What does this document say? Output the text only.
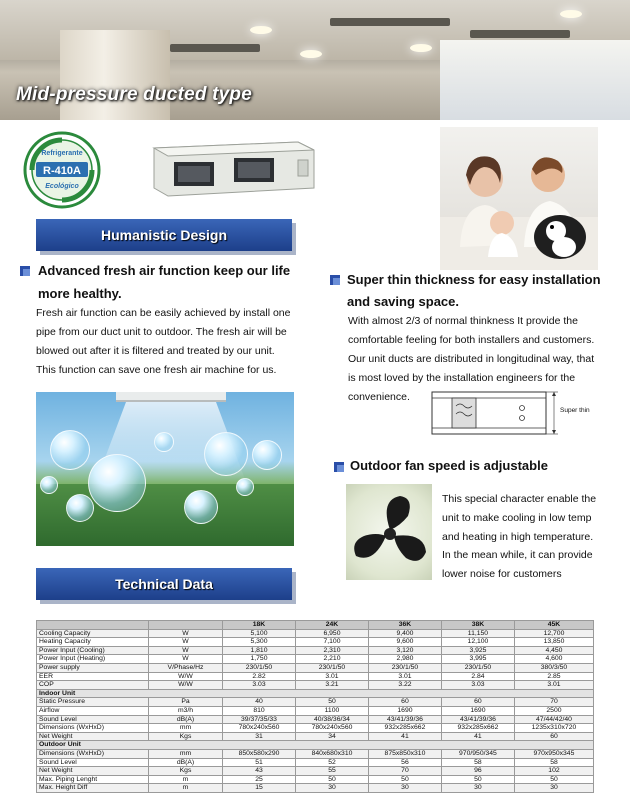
Mid-pressure ducted type
Refrigerante
R-410A
Ecológico
Humanistic Design
Advanced fresh air function keep our life
more healthy.
Fresh air function can be easily achieved by install one
pipe from our duct unit to outdoor. The fresh air will be
blowed out after it is filtered and treated by our unit.
This function can save one fresh air machine for us.
Super thin thickness for easy installation
and saving space.
With almost 2/3 of normal thinkness It provide the
comfortable feeling for both installers and customers.
Our unit ducts are distributed in longitudinal way, that
is most loved by the installation engineers for the
convenience.
Super thin
Outdoor fan speed is adjustable
This special character enable the
unit to make cooling in low temp
and heating in high temperature.
In the mean while, it can provide
lower noise for customers
Technical Data
		18K	24K	36K	38K	45K
Cooling Capacity	W	5,100	6,950	9,400	11,150	12,700
Heating Capacity	W	5,300	7,100	9,600	12,100	13,850
Power Input (Cooling)	W	1,810	2,310	3,120	3,925	4,450
Power Input (Heating)	W	1,750	2,210	2,980	3,995	4,600
Power supply	V/Phase/Hz	230/1/50	230/1/50	230/1/50	230/1/50	380/3/50
EER	W/W	2.82	3.01	3.01	2.84	2.85
COP	W/W	3.03	3.21	3.22	3.03	3.01
Indoor Unit						
Static Pressure	Pa	40	50	60	60	70
Airflow	m3/h	810	1100	1690	1690	2500
Sound Level	dB(A)	39/37/35/33	40/38/36/34	43/41/39/36	43/41/39/36	47/44/42/40
Dimensions (WxHxD)	mm	780x240x560	780x240x560	932x285x662	932x285x662	1235x310x720
Net Weight	Kgs	31	34	41	41	60
Outdoor Unit						
Dimensions (WxHxD)	mm	850x580x290	840x680x310	875x850x310	970/950/345	970x950x345
Sound Level	dB(A)	51	52	56	58	58
Net Weight	Kgs	43	55	70	96	102
Max. Piping Lenght	m	25	50	50	50	50
Max. Height Diff	m	15	30	30	30	30
